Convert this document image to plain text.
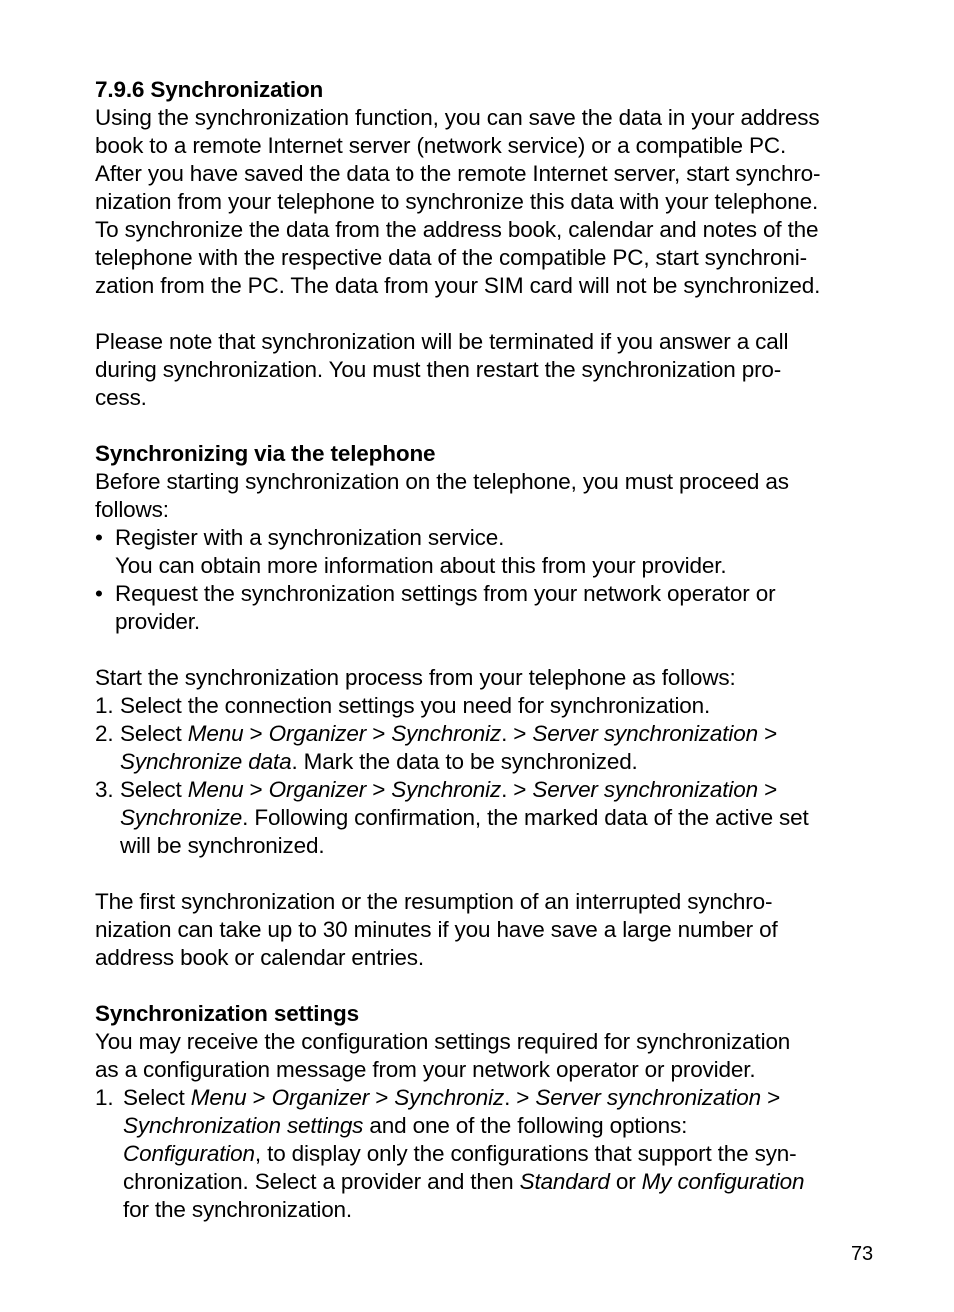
7.9.6 Synchronization
Using the synchronization function, you can save the data in your address
book to a remote Internet server (network service) or a compatible PC.
After you have saved the data to the remote Internet server, start synchro-
nization from your telephone to synchronize this data with your telephone.
To synchronize the data from the address book, calendar and notes of the
telephone with the respective data of the compatible PC, start synchroni-
zation from the PC. The data from your SIM card will not be synchronized.
Please note that synchronization will be terminated if you answer a call
during synchronization. You must then restart the synchronization pro-
cess.
Synchronizing via the telephone
Before starting synchronization on the telephone, you must proceed as
follows:
• Register with a synchronization service.
You can obtain more information about this from your provider.
• Request the synchronization settings from your network operator or
provider.
Start the synchronization process from your telephone as follows:
1. Select the connection settings you need for synchronization.
2. Select Menu > Organizer > Synchroniz. > Server synchronization >
Synchronize data. Mark the data to be synchronized.
3. Select Menu > Organizer > Synchroniz. > Server synchronization >
Synchronize. Following confirmation, the marked data of the active set
will be synchronized.
The first synchronization or the resumption of an interrupted synchro-
nization can take up to 30 minutes if you have save a large number of
address book or calendar entries.
Synchronization settings
You may receive the configuration settings required for synchronization
as a configuration message from your network operator or provider.
1. Select Menu > Organizer > Synchroniz. > Server synchronization >
Synchronization settings and one of the following options:
Configuration, to display only the configurations that support the syn-
chronization. Select a provider and then Standard or My configuration
for the synchronization.
73
